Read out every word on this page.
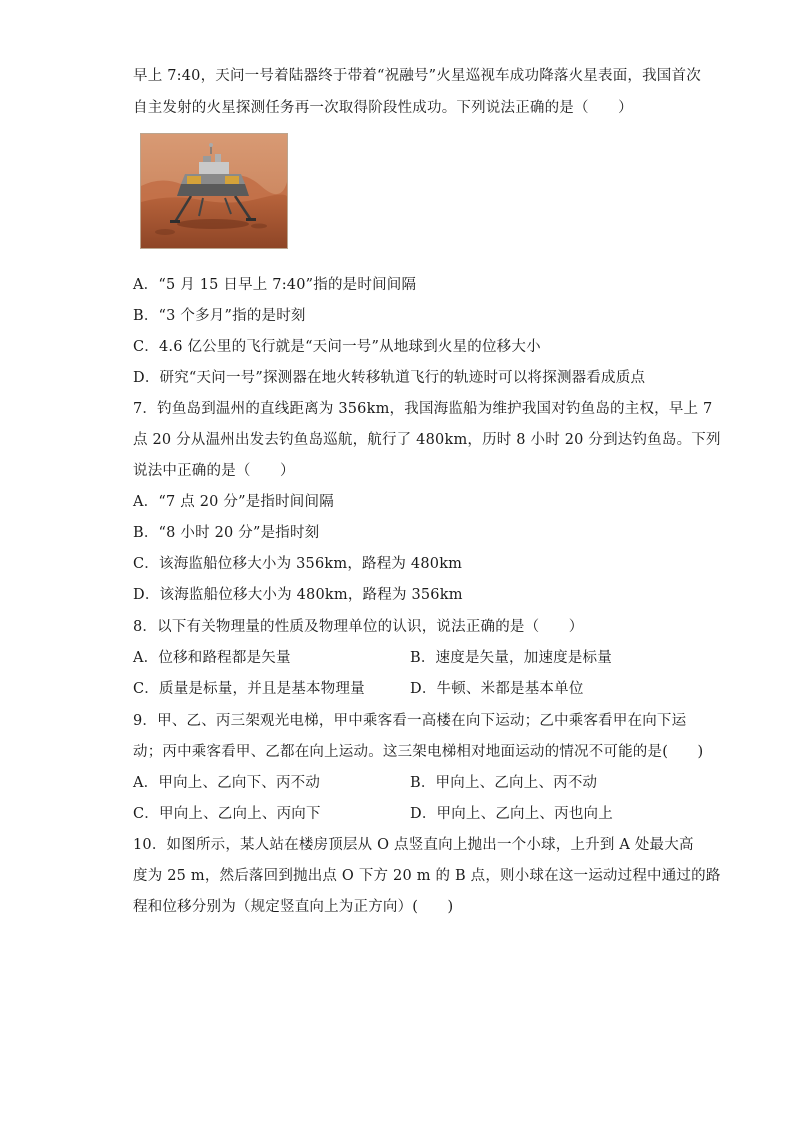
早上 7:40，天问一号着陆器终于带着“祝融号”火星巡视车成功降落火星表面，我国首次
自主发射的火星探测任务再一次取得阶段性成功。下列说法正确的是（　　）
A．“5 月 15 日早上 7:40”指的是时间间隔
B．“3 个多月”指的是时刻
C．4.6 亿公里的飞行就是“天问一号”从地球到火星的位移大小
D．研究“天问一号”探测器在地火转移轨道飞行的轨迹时可以将探测器看成质点
7．钓鱼岛到温州的直线距离为 356km，我国海监船为维护我国对钓鱼岛的主权，早上 7
点 20 分从温州出发去钓鱼岛巡航，航行了 480km，历时 8 小时 20 分到达钓鱼岛。下列
说法中正确的是（　　）
A．“7 点 20 分”是指时间间隔
B．“8 小时 20 分”是指时刻
C．该海监船位移大小为 356km，路程为 480km
D．该海监船位移大小为 480km，路程为 356km
8．以下有关物理量的性质及物理单位的认识，说法正确的是（　　）
A．位移和路程都是矢量	B．速度是矢量，加速度是标量
C．质量是标量，并且是基本物理量	D．牛顿、米都是基本单位
9．甲、乙、丙三架观光电梯，甲中乘客看一高楼在向下运动；乙中乘客看甲在向下运
动；丙中乘客看甲、乙都在向上运动。这三架电梯相对地面运动的情况不可能的是(　　)
A．甲向上、乙向下、丙不动	B．甲向上、乙向上、丙不动
C．甲向上、乙向上、丙向下	D．甲向上、乙向上、丙也向上
10．如图所示，某人站在楼房顶层从 O 点竖直向上抛出一个小球，上升到 A 处最大高
度为 25 m，然后落回到抛出点 O 下方 20 m 的 B 点，则小球在这一运动过程中通过的路
程和位移分别为（规定竖直向上为正方向）(　　)
